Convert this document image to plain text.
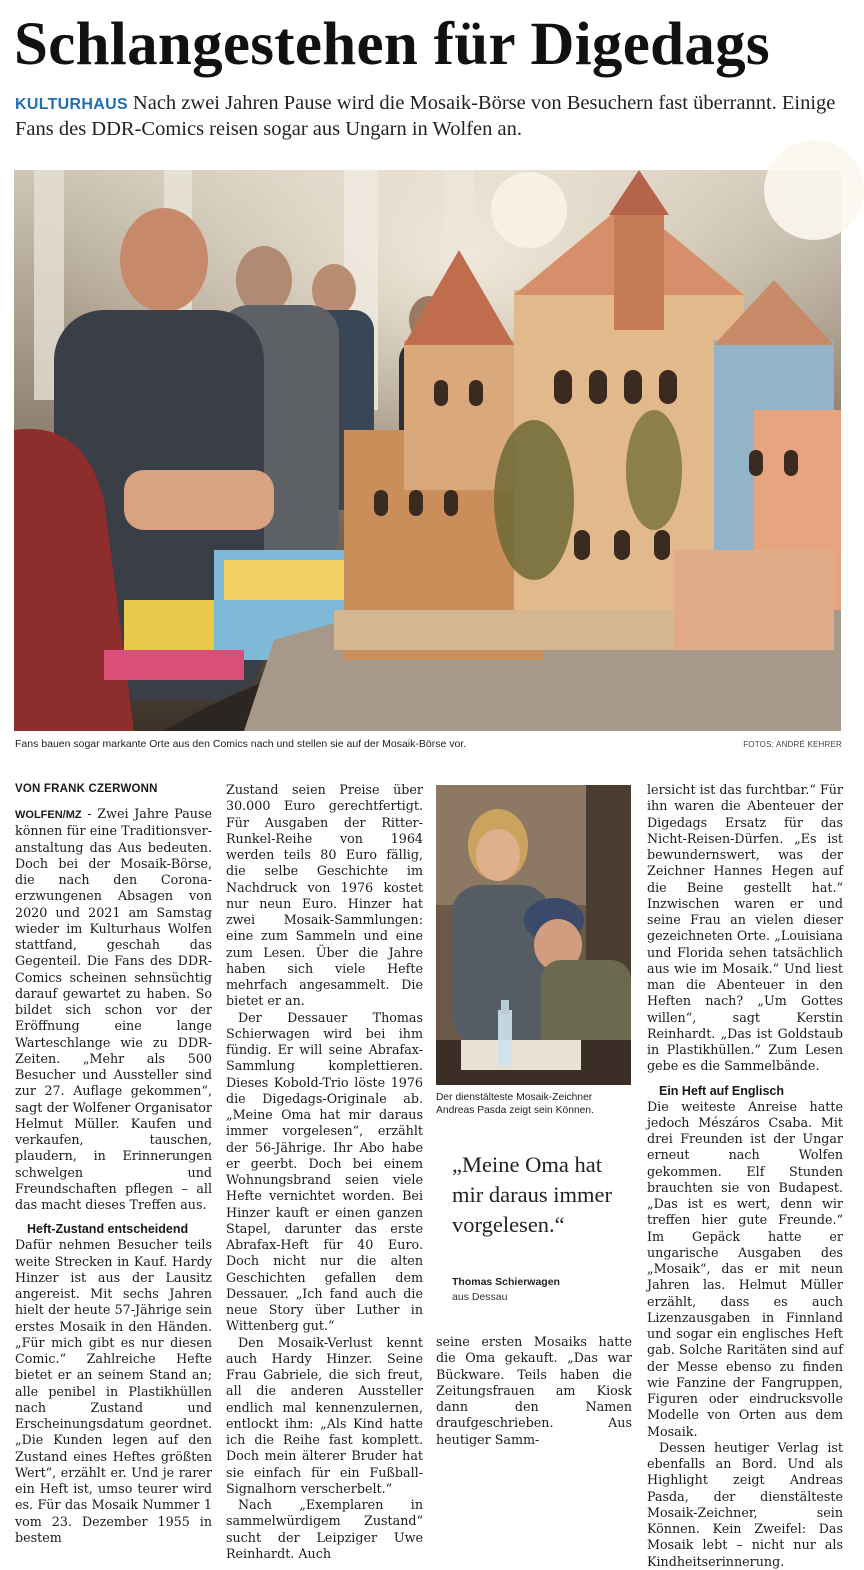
Schlangestehen für Digedags
KULTURHAUS Nach zwei Jahren Pause wird die Mosaik-Börse von Besuchern fast überrannt. Einige Fans des DDR-Comics reisen sogar aus Ungarn in Wolfen an.
Fans bauen sogar markante Orte aus den Comics nach und stellen sie auf der Mosaik-Börse vor.	FOTOS: ANDRÉ KEHRER
VON FRANK CZERWONN

WOLFEN/MZ - Zwei Jahre Pause können für eine Traditionsveranstaltung das Aus bedeuten. Doch bei der Mosaik-Börse, die nach den Corona-erzwungenen Absagen von 2020 und 2021 am Samstag wieder im Kulturhaus Wolfen stattfand, geschah das Gegenteil. Die Fans des DDR-Comics scheinen sehnsüchtig darauf gewartet zu haben. So bildet sich schon vor der Eröffnung eine lange Warteschlange wie zu DDR-Zeiten. „Mehr als 500 Besucher und Aussteller sind zur 27. Auflage gekommen“, sagt der Wolfener Organisator Helmut Müller. Kaufen und verkaufen, tauschen, plaudern, in Erinnerungen schwelgen und Freundschaften pflegen – all das macht dieses Treffen aus.

Heft-Zustand entscheidend

Dafür nehmen Besucher teils weite Strecken in Kauf. Hardy Hinzer ist aus der Lausitz angereist. Mit sechs Jahren hielt der heute 57-Jährige sein erstes Mosaik in den Händen. „Für mich gibt es nur diesen Comic.“ Zahlreiche Hefte bietet er an seinem Stand an; alle penibel in Plastikhüllen nach Zustand und Erscheinungsdatum geordnet. „Die Kunden legen auf den Zustand eines Heftes größten Wert“, erzählt er. Und je rarer ein Heft ist, umso teurer wird es. Für das Mosaik Nummer 1 vom 23. Dezember 1955 in bestem

Zustand seien Preise über 30.000 Euro gerechtfertigt. Für Ausgaben der Ritter-Runkel-Reihe von 1964 werden teils 80 Euro fällig, die selbe Geschichte im Nachdruck von 1976 kostet nur neun Euro. Hinzer hat zwei Mosaik-Sammlungen: eine zum Sammeln und eine zum Lesen. Über die Jahre haben sich viele Hefte mehrfach angesammelt. Die bietet er an.

Der Dessauer Thomas Schierwagen wird bei ihm fündig. Er will seine Abrafax-Sammlung komplettieren. Dieses Kobold-Trio löste 1976 die Digedags-Originale ab. „Meine Oma hat mir daraus immer vorgelesen“, erzählt der 56-Jährige. Ihr Abo habe er geerbt. Doch bei einem Wohnungsbrand seien viele Hefte vernichtet worden. Bei Hinzer kauft er einen ganzen Stapel, darunter das erste Abrafax-Heft für 40 Euro. Doch nicht nur die alten Geschichten gefallen dem Dessauer. „Ich fand auch die neue Story über Luther in Wittenberg gut.“

Den Mosaik-Verlust kennt auch Hardy Hinzer. Seine Frau Gabriele, die sich freut, all die anderen Aussteller endlich mal kennenzulernen, entlockt ihm: „Als Kind hatte ich die Reihe fast komplett. Doch mein älterer Bruder hat sie einfach für ein Fußball-Signalhorn verscherbelt.“

Nach „Exemplaren in sammelwürdigem Zustand“ sucht der Leipziger Uwe Reinhardt. Auch

Der dienstälteste Mosaik-Zeichner Andreas Pasda zeigt sein Können.
„Meine Oma hat mir daraus immer vorgelesen.“
Thomas Schierwagen
aus Dessau

seine ersten Mosaiks hatte die Oma gekauft. „Das war Bückware. Teils haben die Zeitungsfrauen am Kiosk dann den Namen draufgeschrieben. Aus heutiger Samm-

lersicht ist das furchtbar.“ Für ihn waren die Abenteuer der Digedags Ersatz für das Nicht-Reisen-Dürfen. „Es ist bewundernswert, was der Zeichner Hannes Hegen auf die Beine gestellt hat.“ Inzwischen waren er und seine Frau an vielen dieser gezeichneten Orte. „Louisiana und Florida sehen tatsächlich aus wie im Mosaik.“ Und liest man die Abenteuer in den Heften nach? „Um Gottes willen“, sagt Kerstin Reinhardt. „Das ist Goldstaub in Plastikhüllen.“ Zum Lesen gebe es die Sammelbände.

Ein Heft auf Englisch

Die weiteste Anreise hatte jedoch Mészáros Csaba. Mit drei Freunden ist der Ungar erneut nach Wolfen gekommen. Elf Stunden brauchten sie von Budapest. „Das ist es wert, denn wir treffen hier gute Freunde.“ Im Gepäck hatte er ungarische Ausgaben des „Mosaik“, das er mit neun Jahren las. Helmut Müller erzählt, dass es auch Lizenzausgaben in Finnland und sogar ein englisches Heft gab. Solche Raritäten sind auf der Messe ebenso zu finden wie Fanzine der Fangruppen, Figuren oder eindrucksvolle Modelle von Orten aus dem Mosaik.

Dessen heutiger Verlag ist ebenfalls an Bord. Und als Highlight zeigt Andreas Pasda, der dienstälteste Mosaik-Zeichner, sein Können. Kein Zweifel: Das Mosaik lebt – nicht nur als Kindheitserinnerung.
